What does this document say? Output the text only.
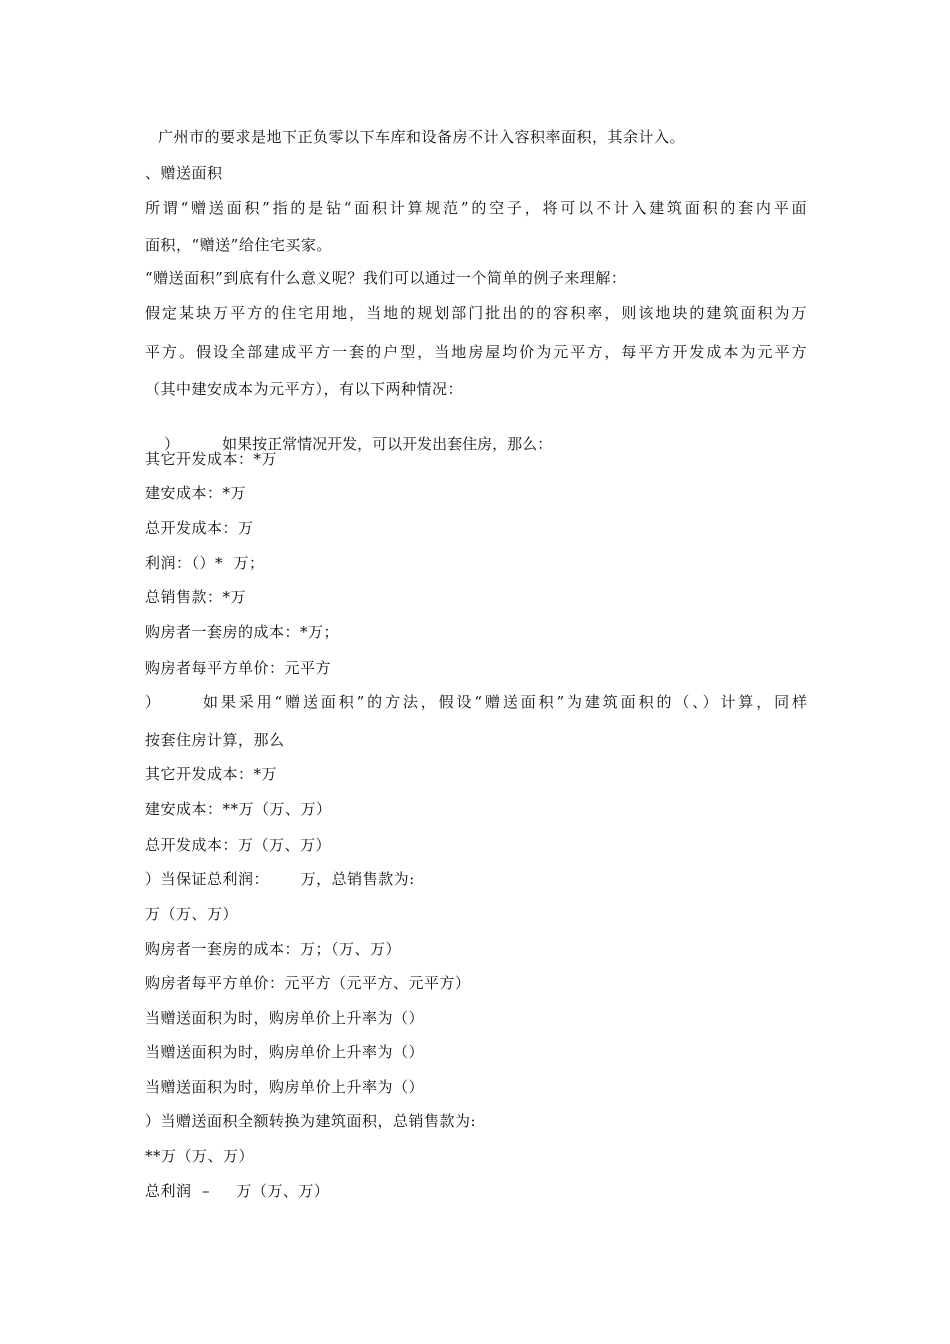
广州市的要求是地下正负零以下车库和设备房不计入容积率面积，其余计入。
、赠送面积
所谓“赠送面积”指的是钻“面积计算规范”的空子，将可以不计入建筑面积的套内平面
面积，“赠送”给住宅买家。
“赠送面积”到底有什么意义呢？我们可以通过一个简单的例子来理解：
假定某块万平方的住宅用地，当地的规划部门批出的的容积率，则该地块的建筑面积为万
平方。假设全部建成平方一套的户型，当地房屋均价为元平方，每平方开发成本为元平方
（其中建安成本为元平方），有以下两种情况：

）	如果按正常情况开发，可以开发出套住房，那么：

其它开发成本：*万
建安成本：*万
总开发成本：万
利润：（）*  万；
总销售款：*万
购房者一套房的成本：*万；
购房者每平方单价：元平方
）	如果采用“赠送面积”的方法，假设“赠送面积”为建筑面积的（、）计算，同样
按套住房计算，那么
其它开发成本：*万
建安成本：**万（万、万）
总开发成本：万（万、万）
）当保证总利润：      万，总销售款为:
万（万、万）
购房者一套房的成本：万；（万、万）
购房者每平方单价：元平方（元平方、元平方）
当赠送面积为时，购房单价上升率为（）
当赠送面积为时，购房单价上升率为（）
当赠送面积为时，购房单价上升率为（）
）当赠送面积全额转换为建筑面积，总销售款为:
**万（万、万）
总利润  –     万（万、万）
